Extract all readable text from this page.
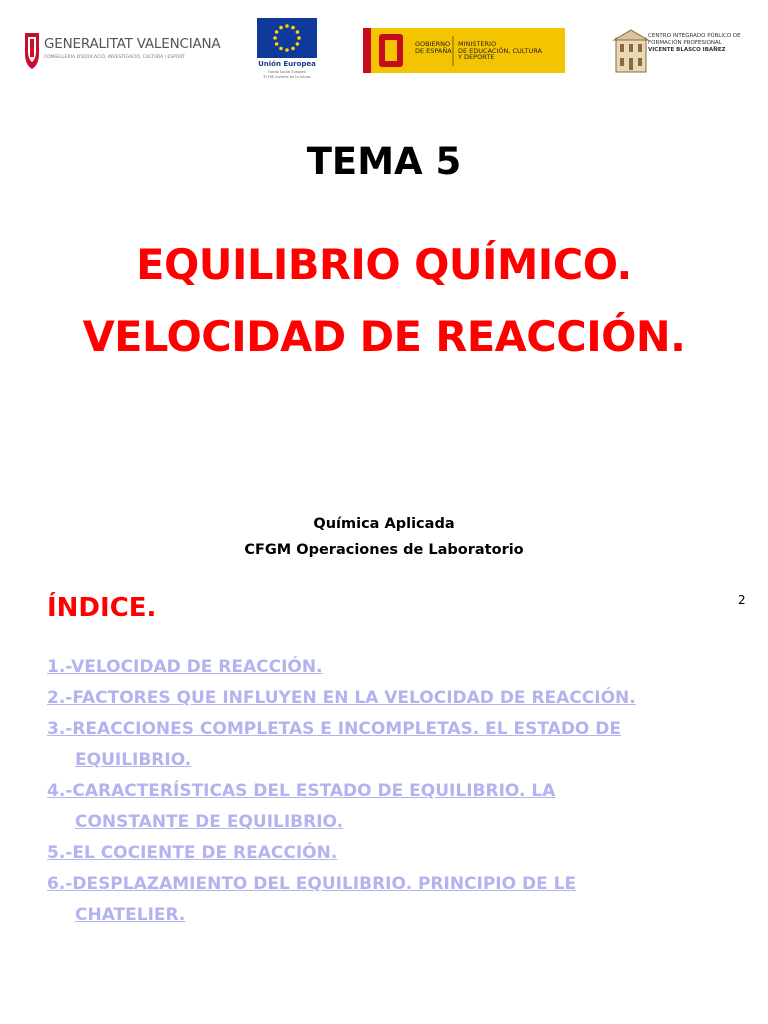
GENERALITAT VALENCIANA
CONSELLERIA D'EDUCACIÓ, INVESTIGACIÓ, CULTURA I ESPORT
Unión Europea
Fondo Social Europeo
El FSE invierte en tu futuro
GOBIERNO
DE ESPAÑA
MINISTERIO
DE EDUCACIÓN, CULTURA
Y DEPORTE
CENTRO INTEGRADO PÚBLICO DE
FORMACIÓN PROFESIONAL
VICENTE BLASCO IBAÑEZ
TEMA 5
EQUILIBRIO QUÍMICO.
VELOCIDAD DE REACCIÓN.
Química Aplicada
CFGM Operaciones de Laboratorio
ÍNDICE.	2
1.-VELOCIDAD DE REACCIÓN.
2.-FACTORES QUE INFLUYEN EN LA VELOCIDAD DE REACCIÓN.
3.-REACCIONES COMPLETAS E INCOMPLETAS. EL ESTADO DE
EQUILIBRIO.
4.-CARACTERÍSTICAS DEL ESTADO DE EQUILIBRIO. LA
CONSTANTE DE EQUILIBRIO.
5.-EL COCIENTE DE REACCIÓN.
6.-DESPLAZAMIENTO DEL EQUILIBRIO. PRINCIPIO DE LE
CHATELIER.
